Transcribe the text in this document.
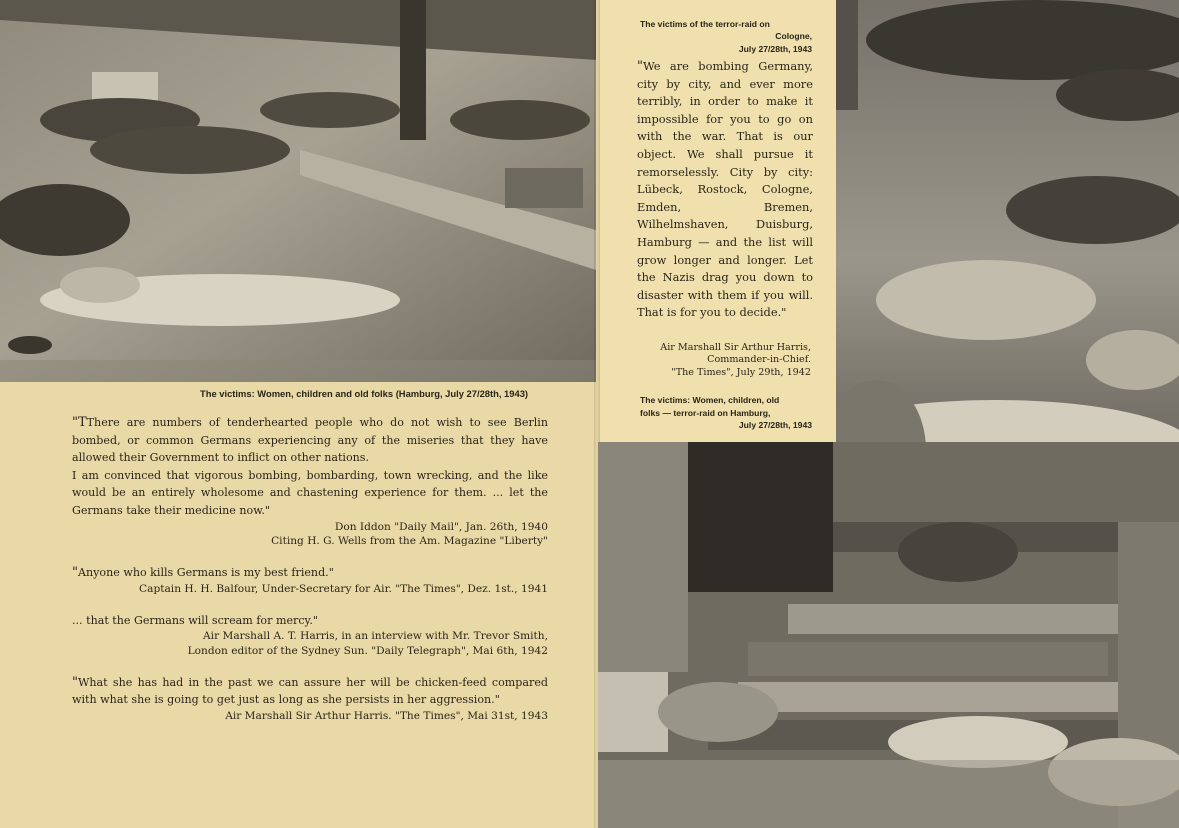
The victims: Women, children and old folks (Hamburg, July 27/28th, 1943)

"TThere are numbers of tenderhearted people who do not wish to see Berlin bombed, or common Germans experiencing any of the miseries that they have allowed their Government to inflict on other nations.

I am convinced that vigorous bombing, bombarding, town wrecking, and the like would be an entirely wholesome and chastening experience for them. ... let the Germans take their medicine now."

Don Iddon "Daily Mail", Jan. 26th, 1940

Citing H. G. Wells from the Am. Magazine "Liberty"

"Anyone who kills Germans is my best friend."

Captain H. H. Balfour, Under-Secretary for Air. "The Times", Dez. 1st., 1941

... that the Germans will scream for mercy."

Air Marshall A. T. Harris, in an interview with Mr. Trevor Smith,

London editor of the Sydney Sun. "Daily Telegraph", Mai 6th, 1942

"What she has had in the past we can assure her will be chicken-feed compared with what she is going to get just as long as she persists in her aggression."

Air Marshall Sir Arthur Harris. "The Times", Mai 31st, 1943

The victims of the terror-raid on
Cologne,
July 27/28th, 1943
"We are bombing Germany, city by city, and ever more terribly, in order to make it impossible for you to go on with the war. That is our object. We shall pursue it remorselessly. City by city: Lübeck, Rostock, Cologne, Emden, Bremen, Wilhelmshaven, Duisburg, Hamburg — and the list will grow longer and longer. Let the Nazis drag you down to disaster with them if you will. That is for you to decide."
Air Marshall Sir Arthur Harris,
Commander-in-Chief.
"The Times", July 29th, 1942
The victims: Women, children, old
folks — terror-raid on Hamburg,
July 27/28th, 1943
